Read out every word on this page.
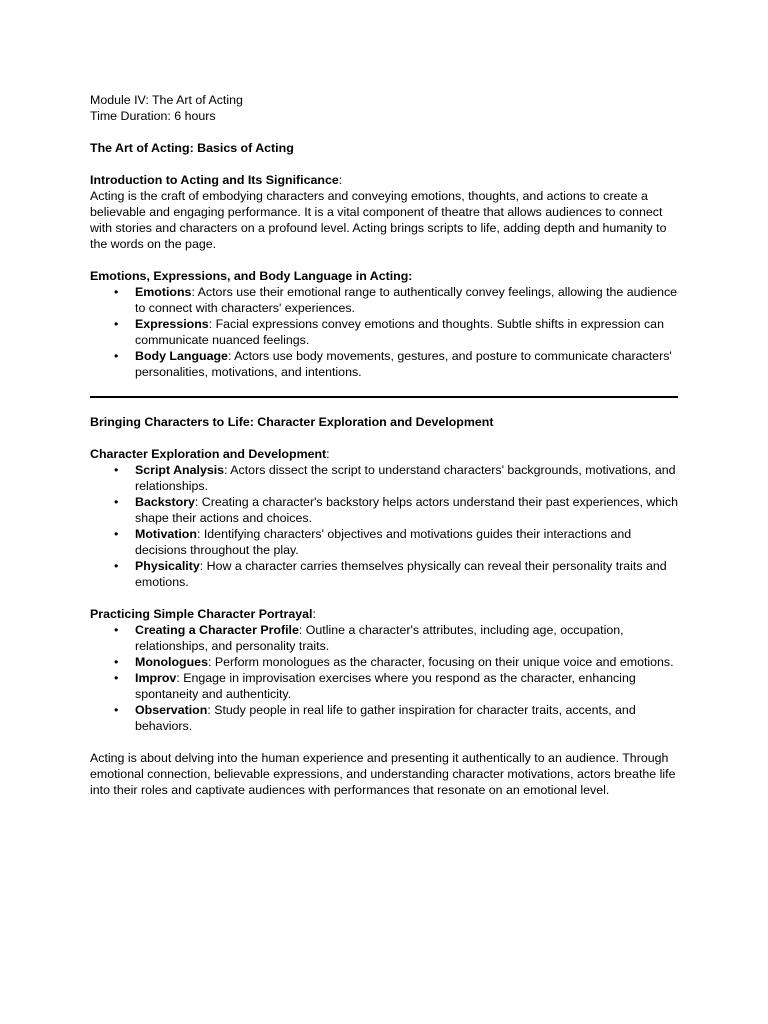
Module IV: The Art of Acting

Time Duration: 6 hours

The Art of Acting: Basics of Acting

Introduction to Acting and Its Significance:

Acting is the craft of embodying characters and conveying emotions, thoughts, and actions to create a believable and engaging performance. It is a vital component of theatre that allows audiences to connect with stories and characters on a profound level. Acting brings scripts to life, adding depth and humanity to the words on the page.

Emotions, Expressions, and Body Language in Acting:

• Emotions: Actors use their emotional range to authentically convey feelings, allowing the audience to connect with characters' experiences.
• Expressions: Facial expressions convey emotions and thoughts. Subtle shifts in expression can communicate nuanced feelings.
• Body Language: Actors use body movements, gestures, and posture to communicate characters' personalities, motivations, and intentions.

Bringing Characters to Life: Character Exploration and Development

Character Exploration and Development:

• Script Analysis: Actors dissect the script to understand characters' backgrounds, motivations, and relationships.
• Backstory: Creating a character's backstory helps actors understand their past experiences, which shape their actions and choices.
• Motivation: Identifying characters' objectives and motivations guides their interactions and decisions throughout the play.
• Physicality: How a character carries themselves physically can reveal their personality traits and emotions.

Practicing Simple Character Portrayal:

• Creating a Character Profile: Outline a character's attributes, including age, occupation, relationships, and personality traits.
• Monologues: Perform monologues as the character, focusing on their unique voice and emotions.
• Improv: Engage in improvisation exercises where you respond as the character, enhancing spontaneity and authenticity.
• Observation: Study people in real life to gather inspiration for character traits, accents, and behaviors.

Acting is about delving into the human experience and presenting it authentically to an audience. Through emotional connection, believable expressions, and understanding character motivations, actors breathe life into their roles and captivate audiences with performances that resonate on an emotional level.
